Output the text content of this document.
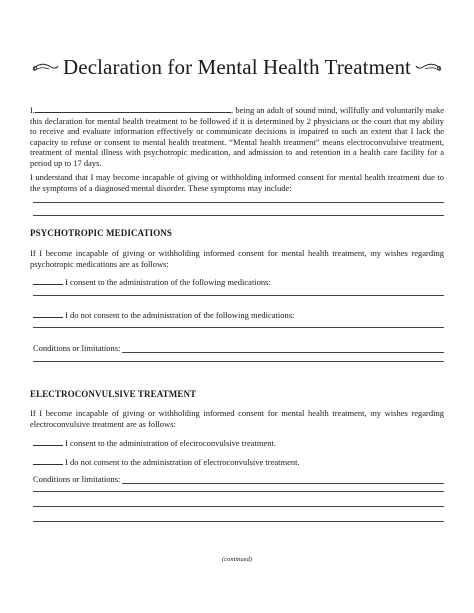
Declaration for Mental Health Treatment
I,	, being an adult of sound mind, willfully and voluntarily make this declaration for mental health treatment to be followed if it is determined by 2 physicians or the court that my ability to receive and evaluate information effectively or communicate decisions is impaired to such an extent that I lack the capacity to refuse or consent to mental health treatment. “Mental health treatment” means electroconvulsive treatment, treatment of mental illness with psychotropic medication, and admission to and retention in a health care facility for a period up to 17 days.
I understand that I may become incapable of giving or withholding informed consent for mental health treatment due to the symptoms of a diagnosed mental disorder. These symptoms may include:
PSYCHOTROPIC MEDICATIONS
If I become incapable of giving or withholding informed consent for mental health treatment, my wishes regarding psychotropic medications are as follows:
I consent to the administration of the following medications:
I do not consent to the administration of the following medications:
Conditions or limitations:
ELECTROCONVULSIVE TREATMENT
If I become incapable of giving or withholding informed consent for mental health treatment, my wishes regarding electroconvulsive treatment are as follows:
I consent to the administration of electroconvulsive treatment.
I do not consent to the administration of electroconvulsive treatment.
Conditions or limitations:
(continued)
